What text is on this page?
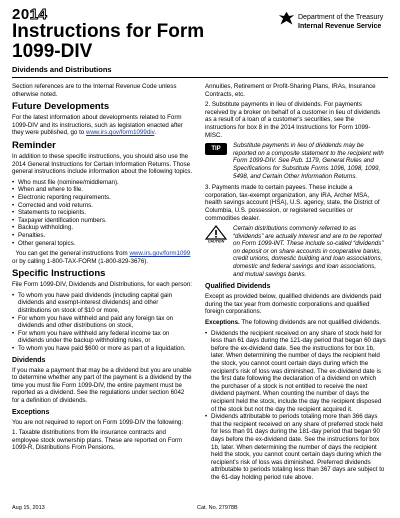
2014
Instructions for Form
1099-DIV
Dividends and Distributions
Department of the Treasury
Internal Revenue Service

Section references are to the Internal Revenue Code unless otherwise noted.

Future Developments

For the latest information about developments related to Form 1099-DIV and its instructions, such as legislation enacted after they were published, go to www.irs.gov/form1099div.

Reminder

In addition to these specific instructions, you should also use the 2014 General Instructions for Certain Information Returns. Those general instructions include information about the following topics.

• Who must file (nominee/middleman).
• When and where to file.
• Electronic reporting requirements.
• Corrected and void returns.
• Statements to recipients.
• Taxpayer identification numbers.
• Backup withholding.
• Penalties.
• Other general topics.

You can get the general instructions from www.irs.gov/form1099 or by calling 1-800-TAX-FORM (1-800-829-3676).

Specific Instructions

File Form 1099-DIV, Dividends and Distributions, for each person:

• To whom you have paid dividends (including capital gain dividends and exempt-interest dividends) and other distributions on stock of $10 or more,
• For whom you have withheld and paid any foreign tax on dividends and other distributions on stock,
• For whom you have withheld any federal income tax on dividends under the backup withholding rules, or
• To whom you have paid $600 or more as part of a liquidation.
Dividends

If you make a payment that may be a dividend but you are unable to determine whether any part of the payment is a dividend by the time you must file Form 1099-DIV, the entire payment must be reported as a dividend. See the regulations under section 6042 for a definition of dividends.

Exceptions

You are not required to report on Form 1099-DIV the following:

1. Taxable distributions from life insurance contracts and employee stock ownership plans. These are reported on Form 1099-R, Distributions From Pensions,

Annuities, Retirement or Profit-Sharing Plans, IRAs, Insurance Contracts, etc.

2. Substitute payments in lieu of dividends. For payments received by a broker on behalf of a customer in lieu of dividends as a result of a loan of a customer's securities, see the instructions for box 8 in the 2014 Instructions for Form 1099-MISC.

TIP	Substitute payments in lieu of dividends may be reported on a composite statement to the recipient with Form 1099-DIV. See Pub. 1179, General Rules and Specifications for Substitute Forms 1096, 1098, 1099, 5498, and Certain Other Information Returns.

3. Payments made to certain payees. These include a corporation, tax-exempt organization, any IRA, Archer MSA, health savings account (HSA), U.S. agency, state, the District of Columbia, U.S. possession, or registered securities or commodities dealer.

CAUTION
Certain distributions commonly referred to as “dividends” are actually interest and are to be reported on Form 1099-INT. These include so-called “dividends” on deposit or on share accounts in cooperative banks, credit unions, domestic building and loan associations, domestic and federal savings and loan associations, and mutual savings banks.
Qualified Dividends

Except as provided below, qualified dividends are dividends paid during the tax year from domestic corporations and qualified foreign corporations.

Exceptions. The following dividends are not qualified dividends.

• Dividends the recipient received on any share of stock held for less than 61 days during the 121-day period that began 60 days before the ex-dividend date. See the instructions for box 1b, later. When determining the number of days the recipient held the stock, you cannot count certain days during which the recipient's risk of loss was diminished. The ex-dividend date is the first date following the declaration of a dividend on which the purchaser of a stock is not entitled to receive the next dividend payment. When counting the number of days the recipient held the stock, include the day the recipient disposed of the stock but not the day the recipient acquired it.
• Dividends attributable to periods totaling more than 366 days that the recipient received on any share of preferred stock held for less than 91 days during the 181-day period that began 90 days before the ex-dividend date. See the instructions for box 1b, later. When determining the number of days the recipient held the stock, you cannot count certain days during which the recipient's risk of loss was diminished. Preferred dividends attributable to periods totaling less than 367 days are subject to the 61-day holding period rule above.
Aug 15, 2013	Cat. No. 27978B
